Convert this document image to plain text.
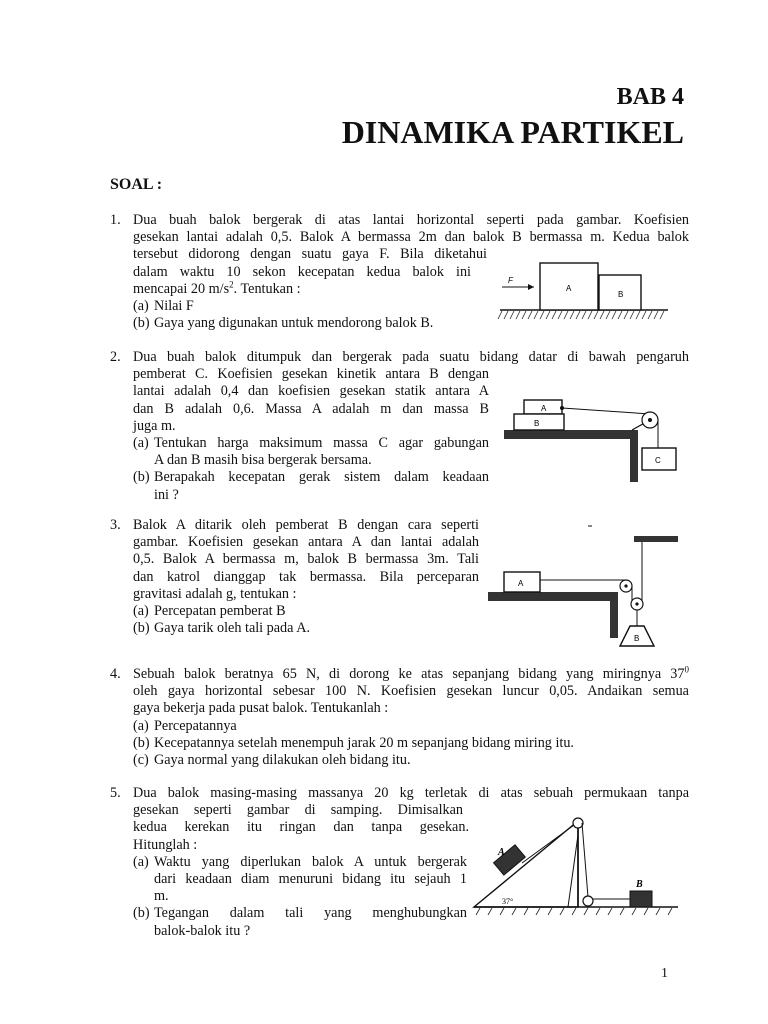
BAB 4
DINAMIKA PARTIKEL
SOAL :
1. Dua buah balok bergerak di atas lantai horizontal seperti pada gambar. Koefisien
gesekan lantai adalah 0,5. Balok A bermassa 2m dan balok B bermassa m. Kedua balok
tersebut didorong dengan suatu gaya F. Bila diketahui
dalam waktu 10 sekon kecepatan kedua balok ini
mencapai 20 $m/s^2$. Tentukan :
(a) Nilai F
(b) Gaya yang digunakan untuk mendorong balok B.
A
B
F
2. Dua buah balok ditumpuk dan bergerak pada suatu bidang datar di bawah pengaruh
pemberat C. Koefisien gesekan kinetik antara B dengan
lantai adalah 0,4 dan koefisien gesekan statik antara A
dan B adalah 0,6. Massa A adalah m dan massa B
juga m.
(a) Tentukan harga maksimum massa C agar gabungan
A dan B masih bisa bergerak bersama.
(b) Berapakah kecepatan gerak sistem dalam keadaan
ini ?
A
B
C
3. Balok A ditarik oleh pemberat B dengan cara seperti
gambar. Koefisien gesekan antara A dan lantai adalah
0,5. Balok A bermassa m, balok B bermassa 3m. Tali
dan katrol dianggap tak bermassa. Bila perceparan
gravitasi adalah g, tentukan :
(a) Percepatan pemberat B
(b) Gaya tarik oleh tali pada A.
A
B
4. Sebuah balok beratnya 65 N, di dorong ke atas sepanjang bidang yang miringnya $37^0$
oleh gaya horizontal sebesar 100 N. Koefisien gesekan luncur 0,05. Andaikan semua
gaya bekerja pada pusat balok. Tentukanlah :
(a) Percepatannya
(b) Kecepatannya setelah menempuh jarak 20 m sepanjang bidang miring itu.
(c) Gaya normal yang dilakukan oleh bidang itu.
5. Dua balok masing-masing massanya 20 kg terletak di atas sebuah permukaan tanpa
gesekan seperti gambar di samping. Dimisalkan
kedua kerekan itu ringan dan tanpa gesekan.
Hitunglah :
(a) Waktu yang diperlukan balok A untuk bergerak
dari keadaan diam menuruni bidang itu sejauh 1
m.
(b) Tegangan dalam tali yang menghubungkan
balok-balok itu ?
A
B
37°
1
